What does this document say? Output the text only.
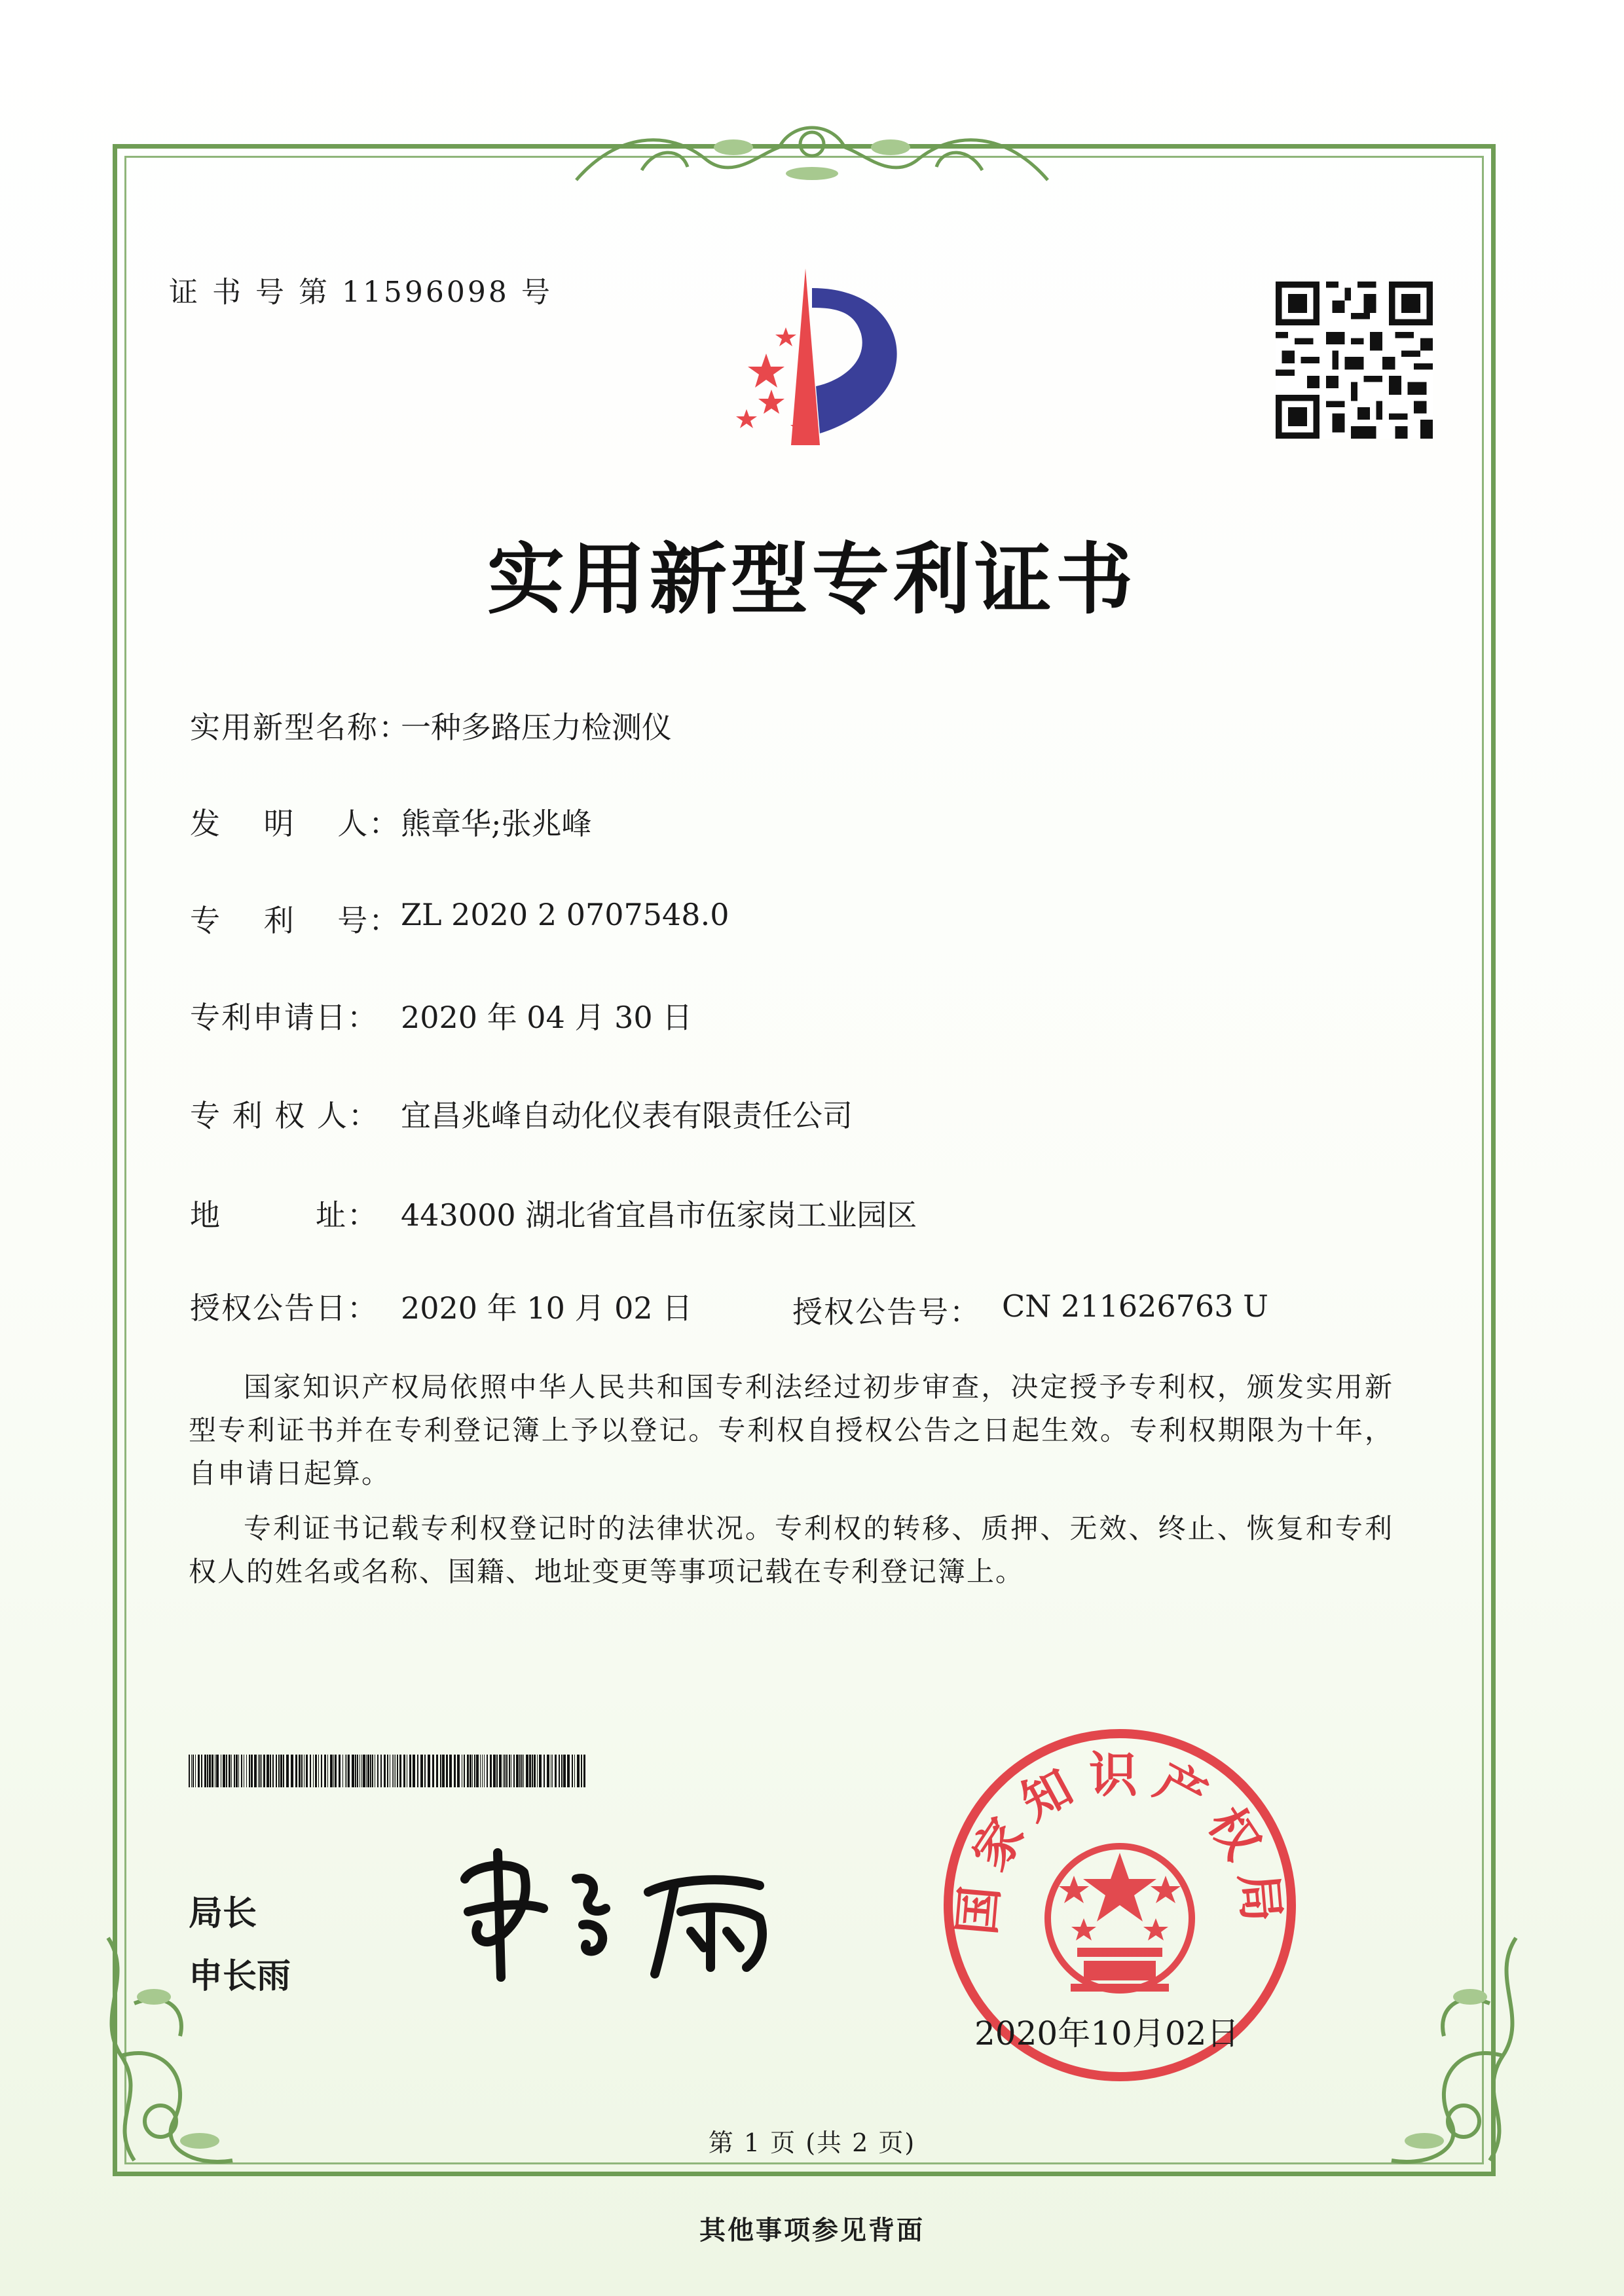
证 书 号 第 11596098 号
实用新型专利证书
实用新型名称：
一种多路压力检测仪
发　 明　 人： 熊章华;张兆峰
专　 利　 号： ZL 2020 2 0707548.0
专利申请日： 2020 年 04 月 30 日
专 利 权 人： 宜昌兆峰自动化仪表有限责任公司
地　　　址： 443000 湖北省宜昌市伍家岗工业园区
授权公告日： 2020 年 10 月 02 日	授权公告号： CN 211626763 U
国家知识产权局依照中华人民共和国专利法经过初步审查，决定授予专利权，颁发实用新型专利证书并在专利登记簿上予以登记。专利权自授权公告之日起生效。专利权期限为十年，自申请日起算。
专利证书记载专利权登记时的法律状况。专利权的转移、质押、无效、终止、恢复和专利权人的姓名或名称、国籍、地址变更等事项记载在专利登记簿上。
局长
申长雨
国家知识产权局
2020年10月02日
第 1 页 (共 2 页)
其他事项参见背面
